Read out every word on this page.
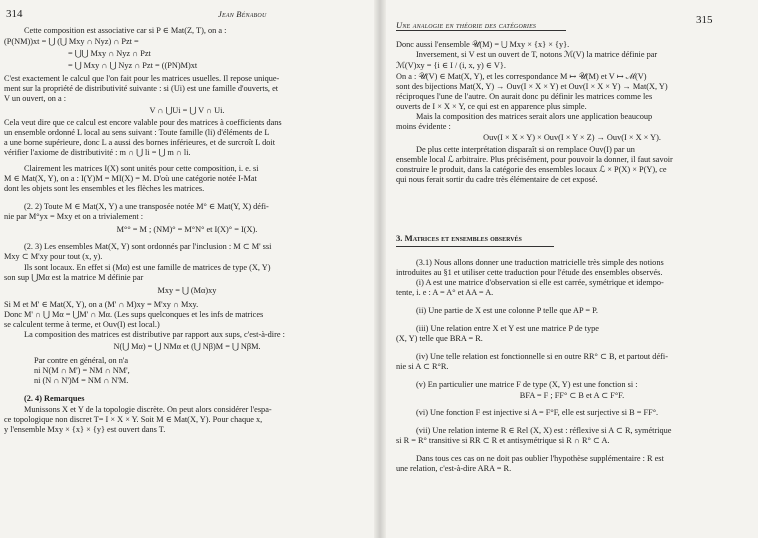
314	Jean Bénabou
Cette composition est associative car si P ∈ Mat(Z, T), on a :
(P(NM))xt = ⋃ (⋃ Mxy ∩ Nyz) ∩ Pzt =
= ⋃⋃ Mxy ∩ Nyz ∩ Pzt
= ⋃ Mxy ∩ ⋃ Nyz ∩ Pzt = ((PN)M)xt
C'est exactement le calcul que l'on fait pour les matrices usuelles. Il repose unique-
ment sur la propriété de distributivité suivante : si (Ui) est une famille d'ouverts, et
V un ouvert, on a :
V ∩ ⋃Ui = ⋃ V ∩ Ui.
Cela veut dire que ce calcul est encore valable pour des matrices à coefficients dans
un ensemble ordonné L local au sens suivant : Toute famille (li) d'éléments de L
a une borne supérieure, donc L a aussi des bornes inférieures, et de surcroît L doit
vérifier l'axiome de distributivité : m ∩ ⋃ li = ⋃ m ∩ li.
Clairement les matrices I(X) sont unités pour cette composition, i. e. si
M ∈ Mat(X, Y), on a : I(Y)M = MI(X) = M. D'où une catégorie notée I-Mat
dont les objets sont les ensembles et les flèches les matrices.
(2. 2) Toute M ∈ Mat(X, Y) a une transposée notée M° ∈ Mat(Y, X) défi-
nie par M°yx = Mxy et on a trivialement :
M°° = M ; (NM)° = M°N° et I(X)° = I(X).
(2. 3) Les ensembles Mat(X, Y) sont ordonnés par l'inclusion : M ⊂ M' ssi
Mxy ⊂ M'xy pour tout (x, y).
Ils sont locaux. En effet si (Mα) est une famille de matrices de type (X, Y)
son sup ⋃Mα est la matrice M définie par
Mxy = ⋃ (Mα)xy
Si M et M' ∈ Mat(X, Y), on a (M' ∩ M)xy = M'xy ∩ Mxy.
Donc M' ∩ ⋃ Mα = ⋃M' ∩ Mα. (Les sups quelconques et les infs de matrices
se calculent terme à terme, et Ouv(I) est local.)
La composition des matrices est distributive par rapport aux sups, c'est-à-dire :
N(⋃ Mα) = ⋃ NMα et (⋃ Nβ)M = ⋃ NβM.
Par contre en général, on n'a
ni N(M ∩ M') = NM ∩ NM',
ni (N ∩ N')M = NM ∩ N'M.
(2. 4) Remarques
Munissons X et Y de la topologie discrète. On peut alors considérer l'espa-
ce topologique non discret T= I × X × Y. Soit M ∈ Mat(X, Y). Pour chaque x,
y l'ensemble Mxy × {x} × {y} est ouvert dans T.
Une analogie en théorie des catégories	315
Donc aussi l'ensemble 𝒰(M) = ⋃ Mxy × {x} × {y}.
Inversement, si V est un ouvert de T, notons ℳ(V) la matrice définie par
ℳ(V)xy = {i ∈ I / (i, x, y) ∈ V}.
On a : 𝒰(V) ∈ Mat(X, Y), et les correspondance M ↦ 𝒰(M) et V ↦ ℳ(V)
sont des bijections Mat(X, Y) → Ouv(I × X × Y) et Ouv(I × X × Y) → Mat(X, Y)
réciproques l'une de l'autre. On aurait donc pu définir les matrices comme les
ouverts de I × X × Y, ce qui est en apparence plus simple.
Mais la composition des matrices serait alors une application beaucoup
moins évidente :
Ouv(I × X × Y) × Ouv(I × Y × Z) → Ouv(I × X × Y).
De plus cette interprétation disparaît si on remplace Ouv(I) par un
ensemble local ℒ arbitraire. Plus précisément, pour pouvoir la donner, il faut savoir
construire le produit, dans la catégorie des ensembles locaux ℒ × P(X) × P(Y), ce
qui nous ferait sortir du cadre très élémentaire de cet exposé.
3. Matrices et ensembles observés
(3.1) Nous allons donner une traduction matricielle très simple des notions
introduites au §1 et utiliser cette traduction pour l'étude des ensembles observés.
(i) A est une matrice d'observation si elle est carrée, symétrique et idempo-
tente, i. e : A = A° et AA = A.
(ii) Une partie de X est une colonne P telle que AP = P.
(iii) Une relation entre X et Y est une matrice P de type
(X, Y) telle que BRA = R.
(iv) Une telle relation est fonctionnelle si en outre RR° ⊂ B, et partout défi-
nie si A ⊂ R°R.
(v) En particulier une matrice F de type (X, Y) est une fonction si :
BFA = F ; FF° ⊂ B et A ⊂ F°F.
(vi) Une fonction F est injective si A = F°F, elle est surjective si B = FF°.
(vii) Une relation interne R ∈ Rel (X, X) est : réflexive si A ⊂ R, symétrique
si R = R° transitive si RR ⊂ R et antisymétrique si R ∩ R° ⊂ A.
Dans tous ces cas on ne doit pas oublier l'hypothèse supplémentaire : R est
une relation, c'est-à-dire ARA = R.
